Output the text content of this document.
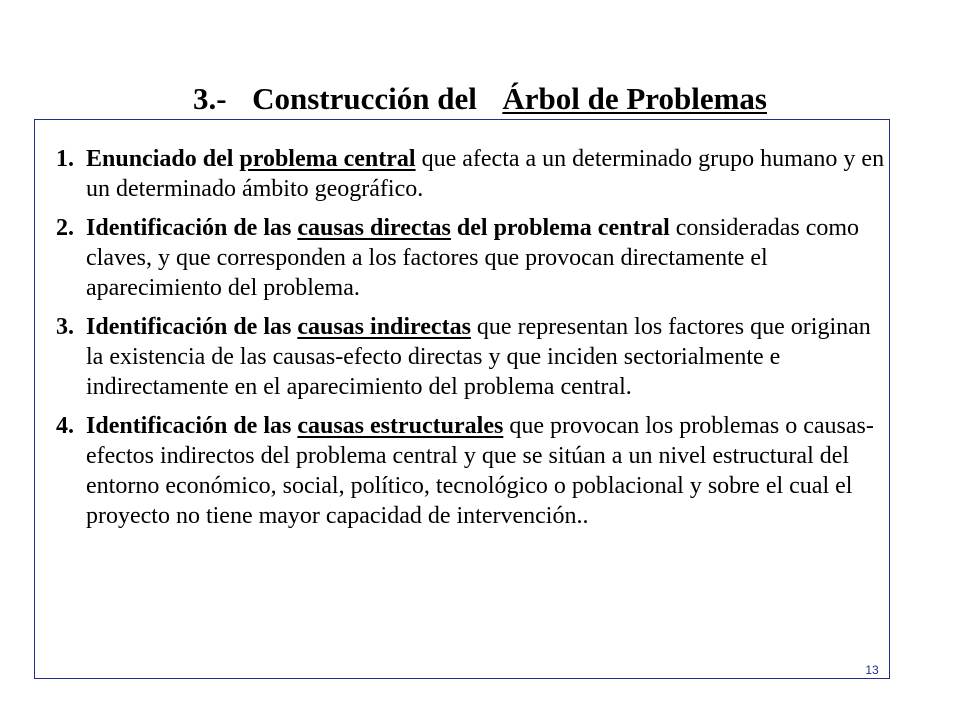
3.- Construcción del Árbol de Problemas
1. Enunciado del problema central que afecta a un determinado grupo humano y en un determinado ámbito geográfico.
2. Identificación de las causas directas del problema central consideradas como claves, y que corresponden a los factores que provocan directamente el aparecimiento del problema.
3. Identificación de las causas indirectas que representan los factores que originan la existencia de las causas-efecto directas y que inciden sectorialmente e indirectamente en el aparecimiento del problema central.
4. Identificación de las causas estructurales que provocan los problemas o causas-efectos indirectos del problema central y que se sitúan a un nivel estructural del entorno económico, social, político, tecnológico o poblacional y sobre el cual el proyecto no tiene mayor capacidad de intervención..
13
